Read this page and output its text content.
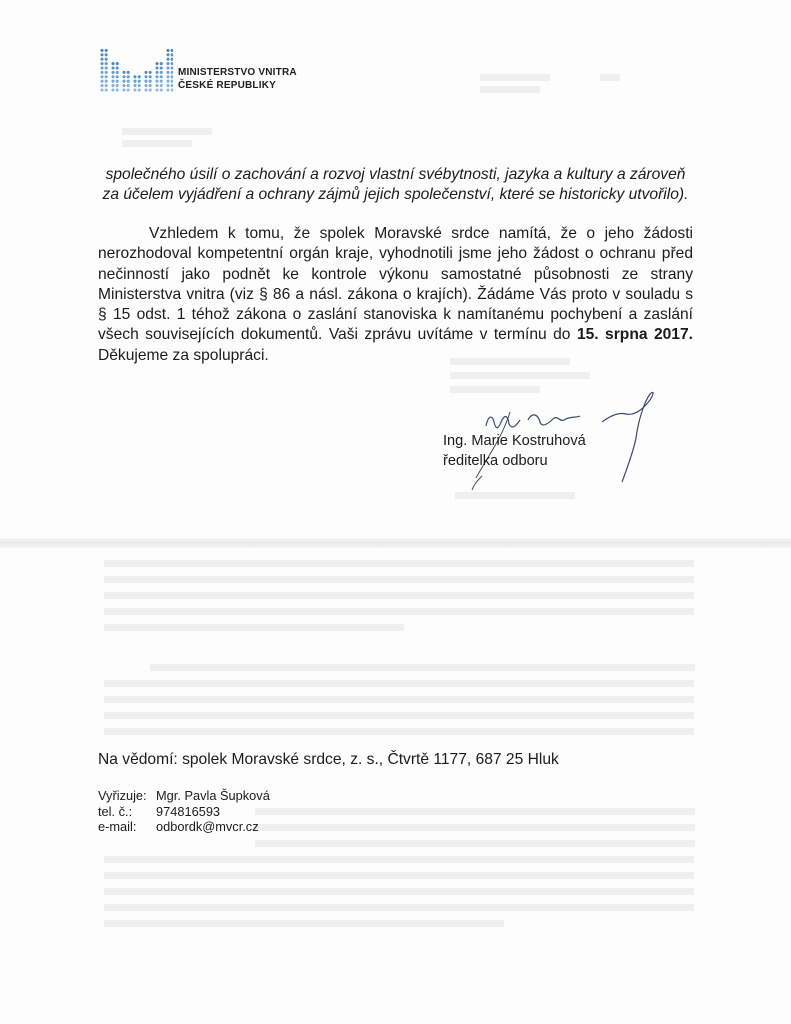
MINISTERSTVO VNITRA
ČESKÉ REPUBLIKY

společného úsilí o zachování a rozvoj vlastní svébytnosti, jazyka a kultury a zároveň

za účelem vyjádření a ochrany zájmů jejich společenství, které se historicky utvořilo).

Vzhledem k tomu, že spolek Moravské srdce namítá, že o jeho žádosti nerozhodoval kompetentní orgán kraje, vyhodnotili jsme jeho žádost o ochranu před nečinností jako podnět ke kontrole výkonu samostatné působnosti ze strany Ministerstva vnitra (viz § 86 a násl. zákona o krajích). Žádáme Vás proto v souladu s § 15 odst. 1 téhož zákona o zaslání stanoviska k namítanému pochybení a zaslání všech souvisejících dokumentů. Vaši zprávu uvítáme v termínu do 15. srpna 2017. Děkujeme za spolupráci.

Ing. Marie Kostruhová
ředitelka odboru
Na vědomí: spolek Moravské srdce, z. s., Čtvrtě 1177, 687 25 Hluk
Vyřizuje:	Mgr. Pavla Šupková
tel. č.:	974816593
e-mail:	odbordk@mvcr.cz
